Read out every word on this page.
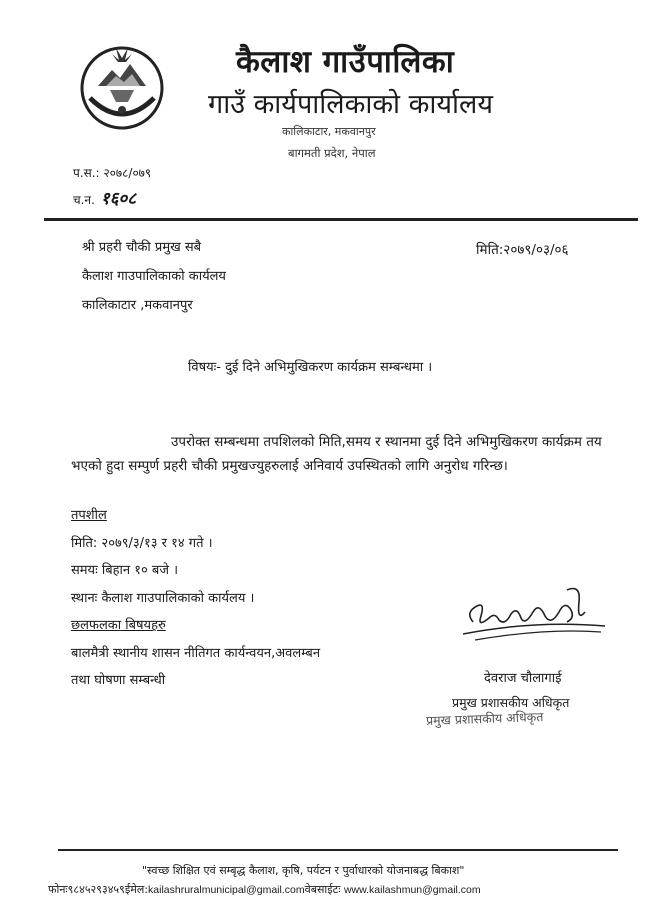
कैलाश गाउँपालिका
गाउँ कार्यपालिकाको कार्यालय
कालिकाटार, मकवानपुर
बागमती प्रदेश, नेपाल
प.स.: २०७८/०७९
च.न. १६०८
श्री प्रहरी चौकी प्रमुख सबै
कैलाश गाउपालिकाको कार्यलय
कालिकाटार ,मकवानपुर
मिति:२०७९/०३/०६
विषयः- दुई दिने अभिमुखिकरण कार्यक्रम सम्बन्धमा ।
उपरोक्त सम्बन्धमा तपशिलको मिति,समय र स्थानमा दुई दिने अभिमुखिकरण कार्यक्रम तय भएको हुदा सम्पुर्ण प्रहरी चौकी प्रमुखज्युहरुलाई अनिवार्य उपस्थितको लागि अनुरोध गरिन्छ।
तपशील
मिति: २०७९/३/१३ र १४ गते ।
समयः बिहान १० बजे ।
स्थानः कैलाश गाउपालिकाको कार्यलय ।
छलफलका बिषयहरु
बालमैत्री स्थानीय शासन नीतिगत कार्यन्वयन,अवलम्बन
तथा घोषणा सम्बन्धी	देवराज चौलागाई
प्रमुख प्रशासकीय अधिकृत
प्रमुख प्रशासकीय अधिकृत
"स्वच्छ शिक्षित एवं सम्बृद्ध कैलाश, कृषि, पर्यटन र पुर्वाधारको योजनाबद्ध बिकाश"
फोनः९८४५२९३४५९ईमेल:kailashruralmunicipal@gmail.comवेबसाईटः www.kailashmun@gmail.com
